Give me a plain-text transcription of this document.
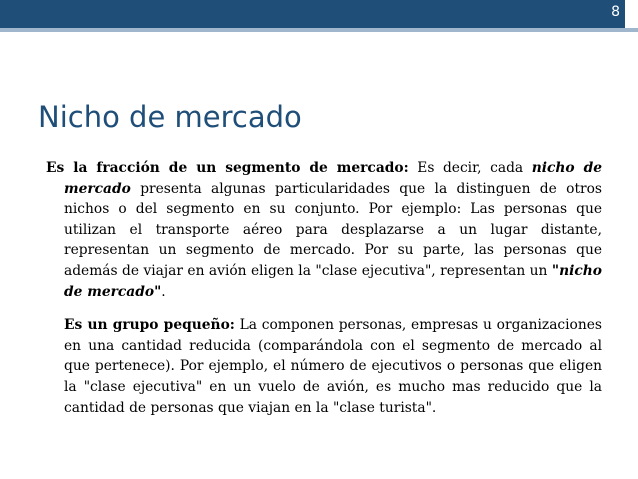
8
Nicho de mercado

Es la fracción de un segmento de mercado: Es decir, cada nicho de mercado presenta algunas particularidades que la distinguen de otros nichos o del segmento en su conjunto. Por ejemplo: Las personas que utilizan el transporte aéreo para desplazarse a un lugar distante, representan un segmento de mercado. Por su parte, las personas que además de viajar en avión eligen la "clase ejecutiva", representan un "nicho de mercado".

Es un grupo pequeño: La componen personas, empresas u organizaciones en una cantidad reducida (comparándola con el segmento de mercado al que pertenece). Por ejemplo, el número de ejecutivos o personas que eligen la "clase ejecutiva" en un vuelo de avión, es mucho mas reducido que la cantidad de personas que viajan en la "clase turista".
